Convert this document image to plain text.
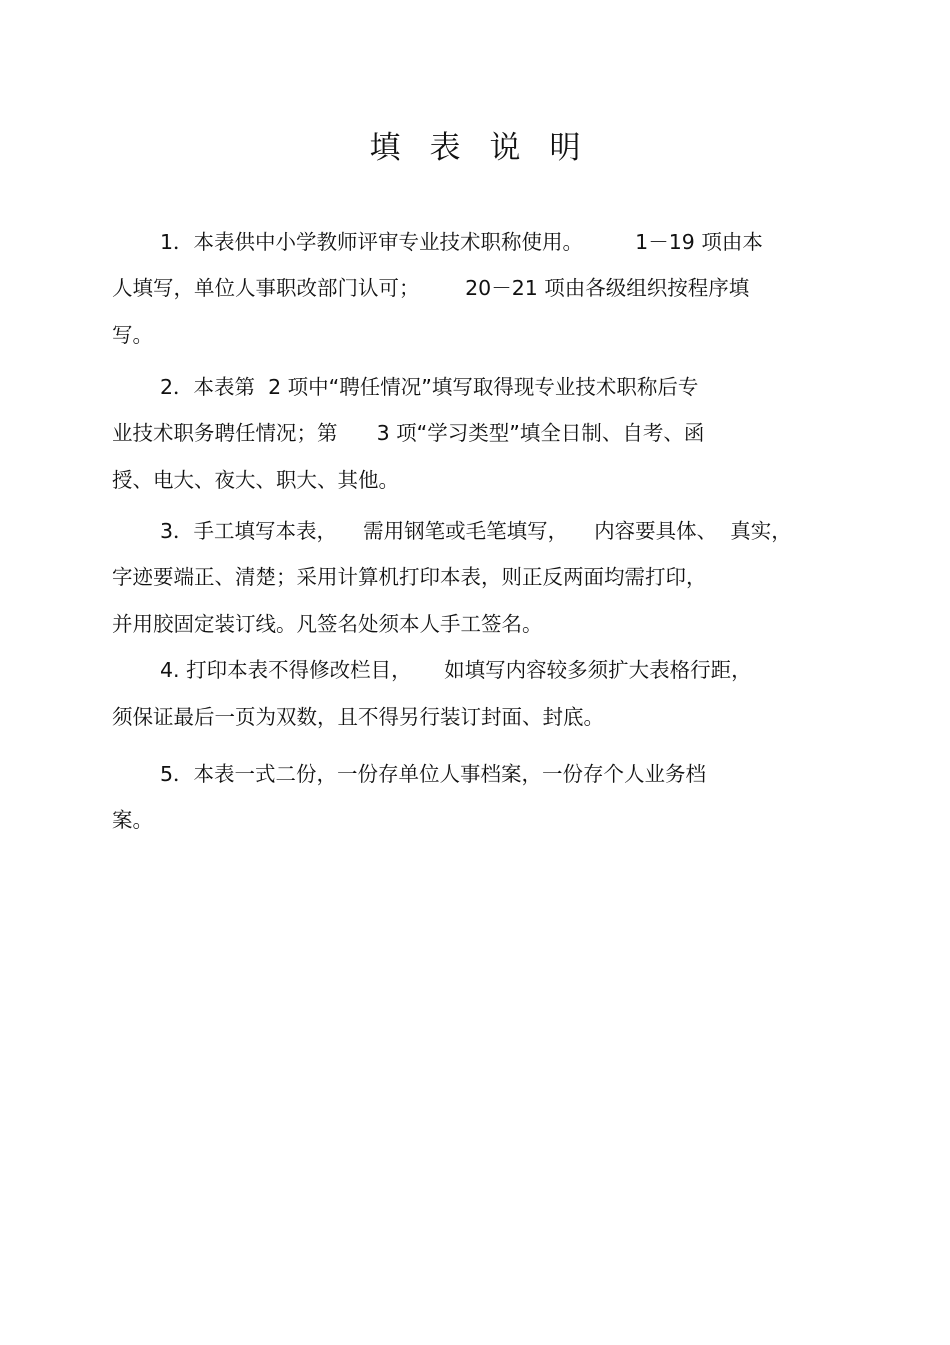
填表说明

1．本表供中小学教师评审专业技术职称使用。        1－19 项由本

人填写，单位人事职改部门认可；       20－21 项由各级组织按程序填

写。

2．本表第  2 项中“聘任情况”填写取得现专业技术职称后专

业技术职务聘任情况；第      3 项“学习类型”填全日制、自考、函

授、电大、夜大、职大、其他。

3．手工填写本表，    需用钢笔或毛笔填写，    内容要具体、  真实，

字迹要端正、清楚；采用计算机打印本表，则正反两面均需打印，

并用胶固定装订线。凡签名处须本人手工签名。

4. 打印本表不得修改栏目，     如填写内容较多须扩大表格行距，

须保证最后一页为双数，且不得另行装订封面、封底。

5．本表一式二份，一份存单位人事档案，一份存个人业务档

案。
